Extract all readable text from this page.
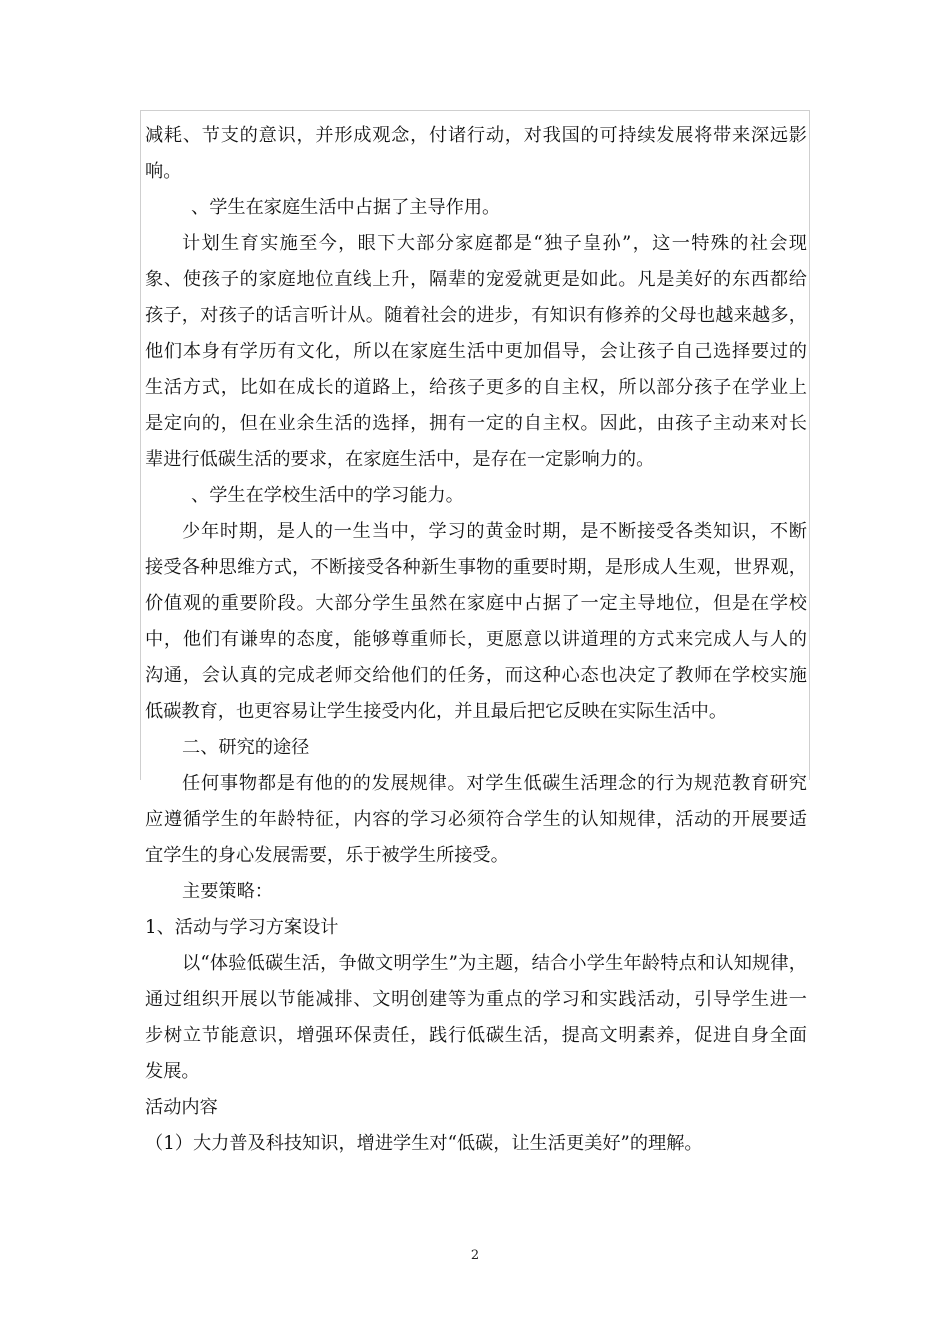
减耗、节支的意识，并形成观念，付诸行动，对我国的可持续发展将带来深远影

响。

、学生在家庭生活中占据了主导作用。

计划生育实施至今，眼下大部分家庭都是“独子皇孙”，这一特殊的社会现

象、使孩子的家庭地位直线上升，隔辈的宠爱就更是如此。凡是美好的东西都给

孩子，对孩子的话言听计从。随着社会的进步，有知识有修养的父母也越来越多，

他们本身有学历有文化，所以在家庭生活中更加倡导，会让孩子自己选择要过的

生活方式，比如在成长的道路上，给孩子更多的自主权，所以部分孩子在学业上

是定向的，但在业余生活的选择，拥有一定的自主权。因此，由孩子主动来对长

辈进行低碳生活的要求，在家庭生活中，是存在一定影响力的。

、学生在学校生活中的学习能力。

少年时期，是人的一生当中，学习的黄金时期，是不断接受各类知识，不断

接受各种思维方式，不断接受各种新生事物的重要时期，是形成人生观，世界观，

价值观的重要阶段。大部分学生虽然在家庭中占据了一定主导地位，但是在学校

中，他们有谦卑的态度，能够尊重师长，更愿意以讲道理的方式来完成人与人的

沟通，会认真的完成老师交给他们的任务，而这种心态也决定了教师在学校实施

低碳教育，也更容易让学生接受内化，并且最后把它反映在实际生活中。

二、研究的途径

任何事物都是有他的的发展规律。对学生低碳生活理念的行为规范教育研究

应遵循学生的年龄特征，内容的学习必须符合学生的认知规律，活动的开展要适

宜学生的身心发展需要，乐于被学生所接受。

主要策略：

1、活动与学习方案设计

以“体验低碳生活，争做文明学生”为主题，结合小学生年龄特点和认知规律，

通过组织开展以节能减排、文明创建等为重点的学习和实践活动，引导学生进一

步树立节能意识，增强环保责任，践行低碳生活，提高文明素养，促进自身全面

发展。

活动内容

（1）大力普及科技知识，增进学生对“低碳，让生活更美好”的理解。

2
